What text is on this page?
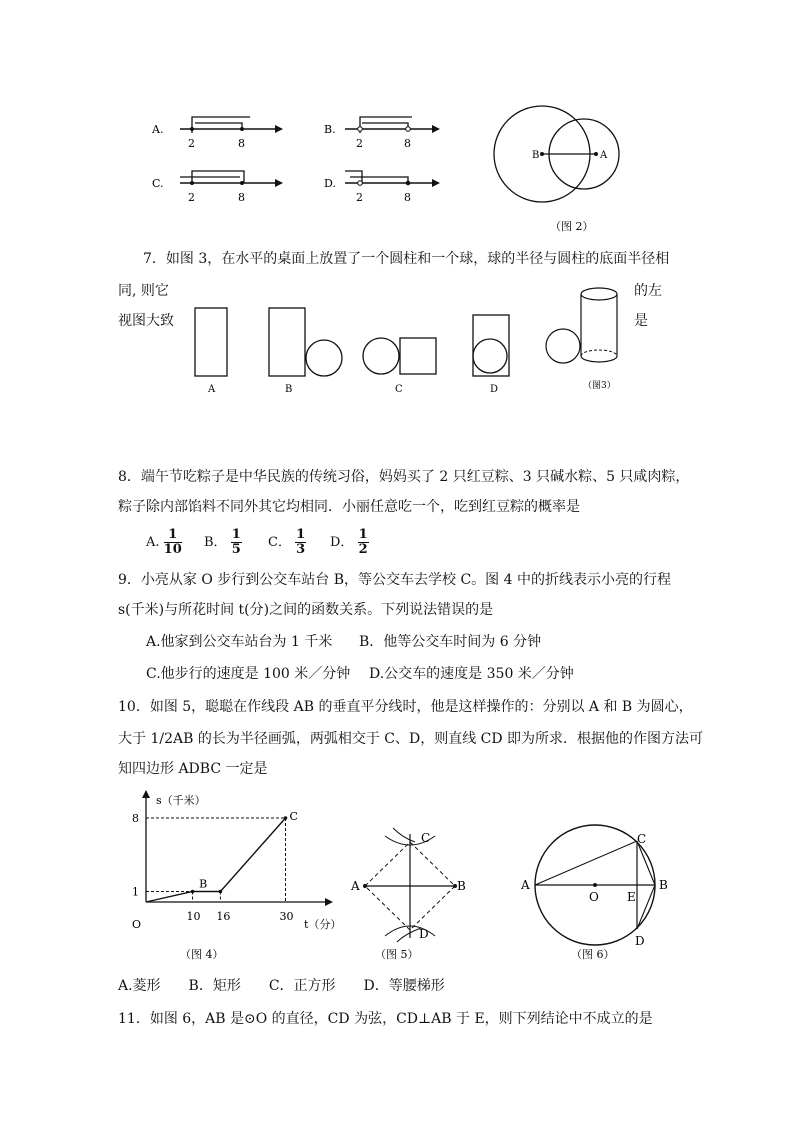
A.
2	8
B.
2	8
C.
2	8
D.
2	8
B	A
（图 2）
7．如图 3，在水平的桌面上放置了一个圆柱和一个球，球的半径与圆柱的底面半径相
同, 则它	的左
视图大致	是
A	B	C	D	（图3）
8．端午节吃粽子是中华民族的传统习俗，妈妈买了 2 只红豆粽、3 只碱水粽、5 只咸肉粽，
粽子除内部馅料不同外其它均相同．小丽任意吃一个，吃到红豆粽的概率是
A. $\frac{1}{10}$ B． $\frac{1}{5}$ C． $\frac{1}{3}$ D． $\frac{1}{2}$
9．小亮从家 O 步行到公交车站台 B，等公交车去学校 C。图 4 中的折线表示小亮的行程
s(千米)与所花时间 t(分)之间的函数关系。下列说法错误的是
A.他家到公交车站台为 1 千米 B．他等公交车时间为 6 分钟
C.他步行的速度是 100 米／分钟 D.公交车的速度是 350 米／分钟
10．如图 5，聪聪在作线段 AB 的垂直平分线时，他是这样操作的：分别以 A 和 B 为圆心，
大于 1/2AB 的长为半径画弧，两弧相交于 C、D，则直线 CD 即为所求．根据他的作图方法可
知四边形 ADBC 一定是
s（千米）
t（分）
O
10 16	30
8
1
B
C
（图 4）
A	B
C
D
（图 5）
A
O E
B
C
D
（图 6）
A.菱形　　B．矩形　　C．正方形　　D．等腰梯形
11．如图 6，AB 是⊙O 的直径，CD 为弦，CD⊥AB 于 E，则下列结论中不成立的是
